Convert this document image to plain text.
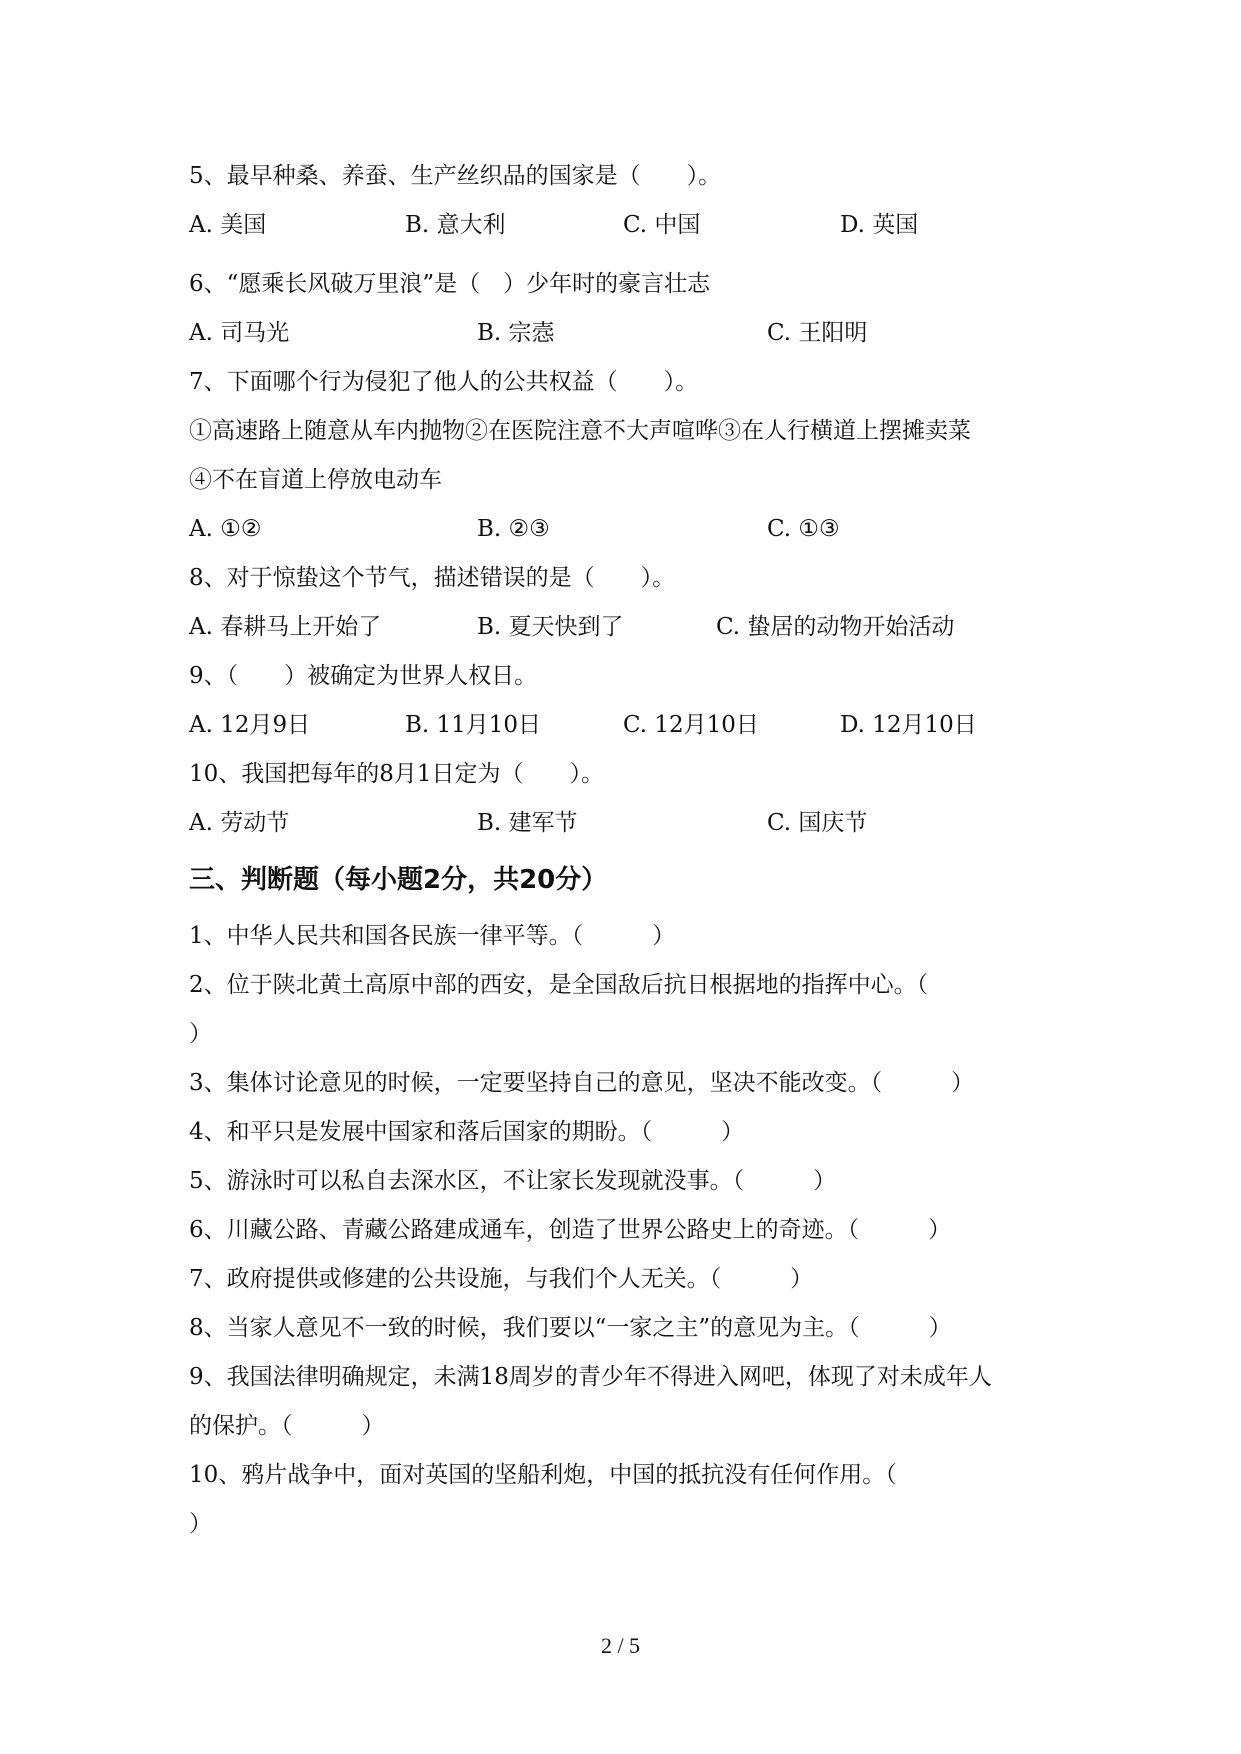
5、最早种桑、养蚕、生产丝织品的国家是（　　）。
A. 美国	B. 意大利	C. 中国	D. 英国
6、“愿乘长风破万里浪”是（　）少年时的豪言壮志
A. 司马光	B. 宗悫	C. 王阳明
7、下面哪个行为侵犯了他人的公共权益（　　）。
①高速路上随意从车内抛物②在医院注意不大声喧哗③在人行横道上摆摊卖菜
④不在盲道上停放电动车
A. ①②	B. ②③	C. ①③
8、对于惊蛰这个节气，描述错误的是（　　）。
A. 春耕马上开始了	B. 夏天快到了	C. 蛰居的动物开始活动
9、（　　）被确定为世界人权日。
A. 12月9日	B. 11月10日	C. 12月10日	D. 12月10日
10、我国把每年的8月1日定为（　　）。
A. 劳动节	B. 建军节	C. 国庆节
三、判断题（每小题2分，共20分）
1、中华人民共和国各民族一律平等。（　　　）
2、位于陕北黄土高原中部的西安，是全国敌后抗日根据地的指挥中心。（
）
3、集体讨论意见的时候，一定要坚持自己的意见，坚决不能改变。（　　　）
4、和平只是发展中国家和落后国家的期盼。（　　　）
5、游泳时可以私自去深水区，不让家长发现就没事。（　　　）
6、川藏公路、青藏公路建成通车，创造了世界公路史上的奇迹。（　　　）
7、政府提供或修建的公共设施，与我们个人无关。（　　　）
8、当家人意见不一致的时候，我们要以“一家之主”的意见为主。（　　　）
9、我国法律明确规定，未满18周岁的青少年不得进入网吧，体现了对未成年人
的保护。（　　　）
10、鸦片战争中，面对英国的坚船利炮，中国的抵抗没有任何作用。（
）
2 / 5
